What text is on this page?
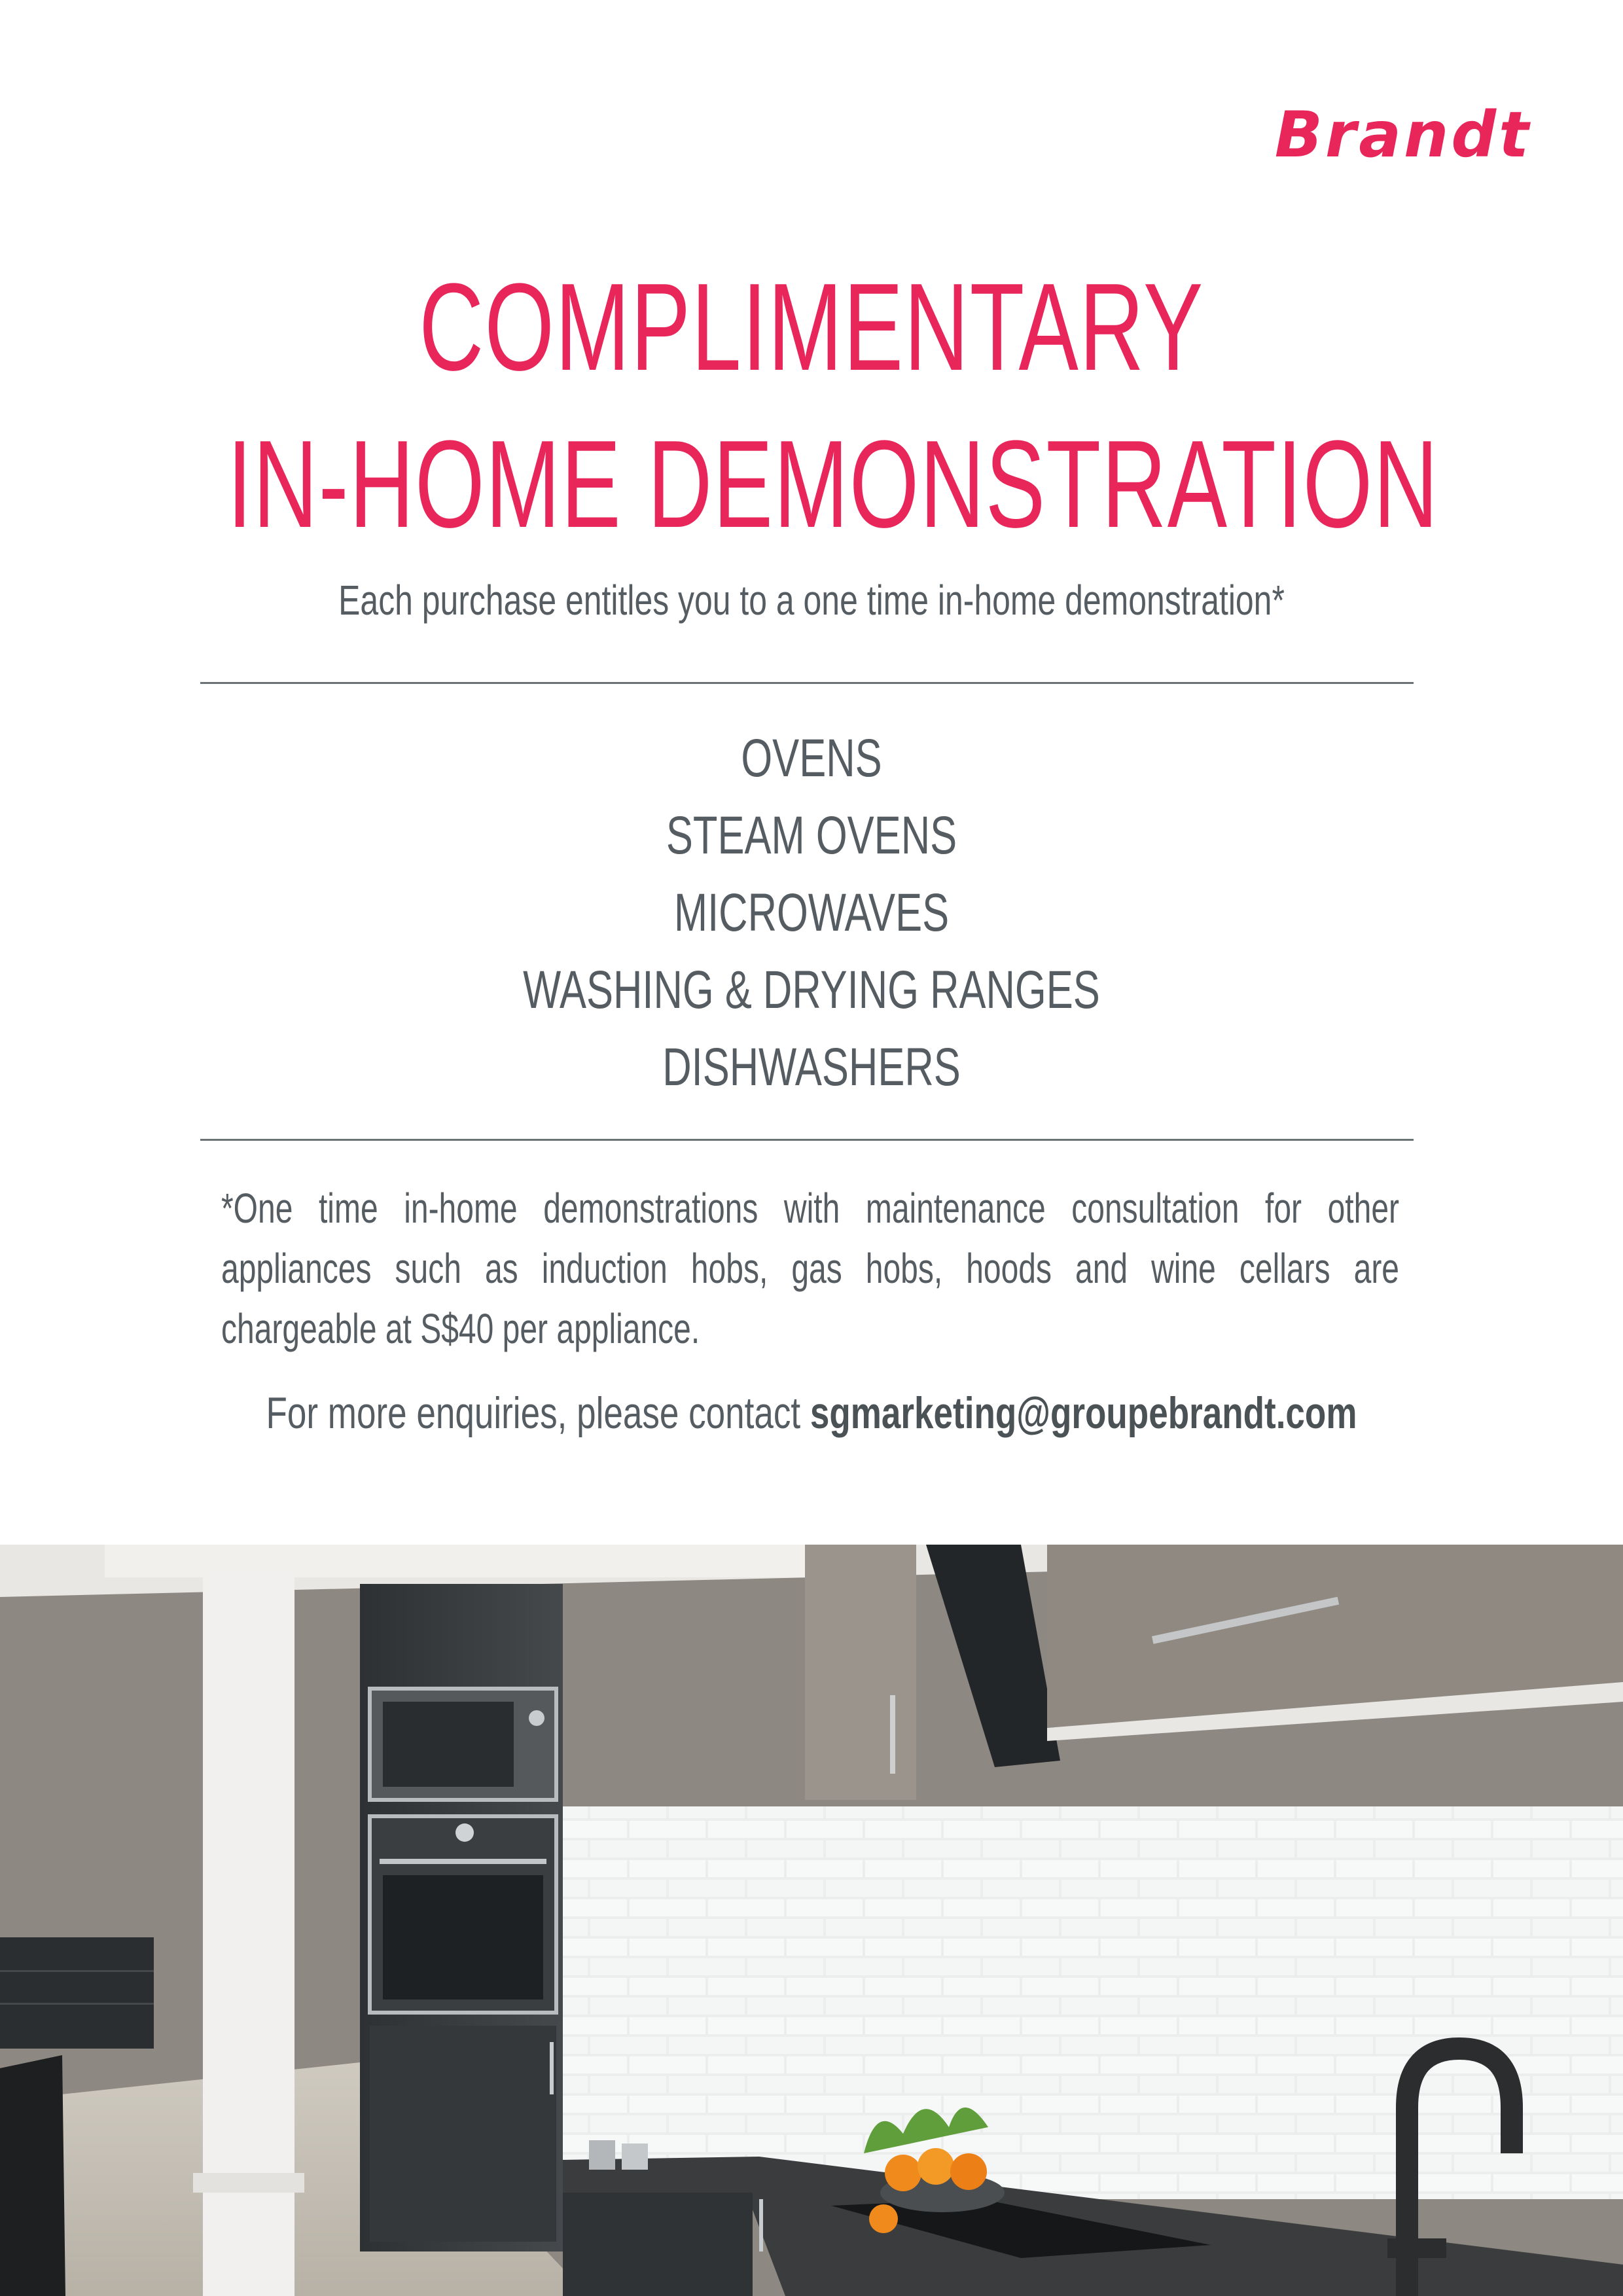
Brandt
COMPLIMENTARY
IN-HOME DEMONSTRATION

Each purchase entitles you to a one time in-home demonstration*

OVENS
STEAM OVENS
MICROWAVES
WASHING & DRYING RANGES
DISHWASHERS
*One time in-home demonstrations with maintenance consultation for other appliances such as induction hobs, gas hobs, hoods and wine cellars are chargeable at S$40 per appliance.

For more enquiries, please contact sgmarketing@groupebrandt.com
